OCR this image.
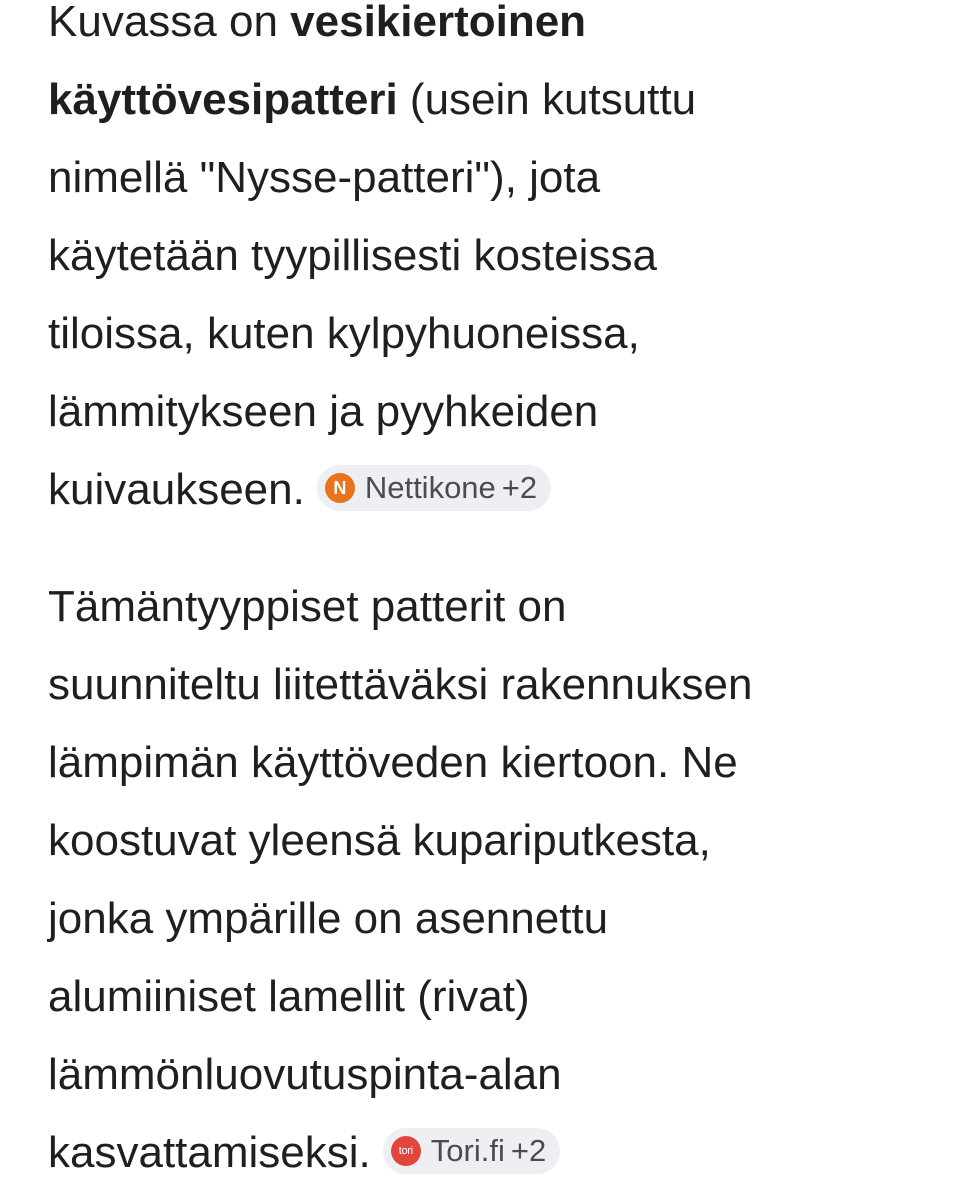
Kuvassa on vesikiertoinen
käyttövesipatteri (usein kutsuttu
nimellä "Nysse-patteri"), jota
käytetään tyypillisesti kosteissa
tiloissa, kuten kylpyhuoneissa,
lämmitykseen ja pyyhkeiden
kuivaukseen.	N Nettikone +2

Tämäntyyppiset patterit on
suunniteltu liitettäväksi rakennuksen
lämpimän käyttöveden kiertoon. Ne
koostuvat yleensä kupariputkesta,
jonka ympärille on asennettu
alumiiniset lamellit (rivat)
lämmönluovutuspinta-alan
kasvattamiseksi.	tori Tori.fi +2
